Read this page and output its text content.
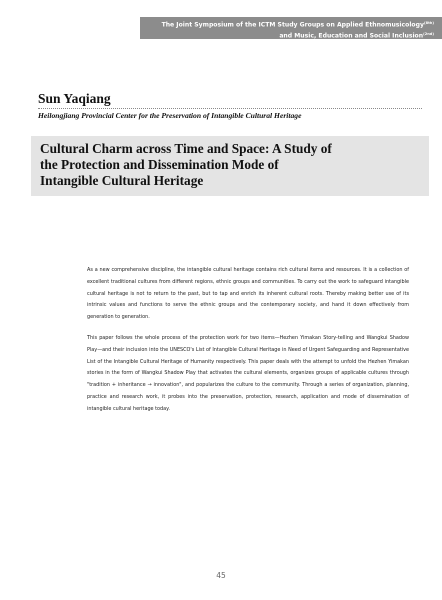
The Joint Symposium of the ICTM Study Groups on Applied Ethnomusicology$^{(8th)}$
and Music, Education and Social Inclusion$^{(2nd)}$
Sun Yaqiang

Heilongjiang Provincial Center for the Preservation of Intangible Cultural Heritage

Cultural Charm across Time and Space: A Study of the Protection and Dissemination Mode of Intangible Cultural Heritage

As a new comprehensive discipline, the intangible cultural heritage contains rich cultural items and resources. It is a collection of excellent traditional cultures from different regions, ethnic groups and communities. To carry out the work to safeguard intangible cultural heritage is not to return to the past, but to tap and enrich its inherent cultural roots. Thereby making better use of its intrinsic values and functions to serve the ethnic groups and the contemporary society, and hand it down effectively from generation to generation.

This paper follows the whole process of the protection work for two items—Hezhen Yimakan Story-telling and Wangkui Shadow Play—and their inclusion into the UNESCO's List of Intangible Cultural Heritage in Need of Urgent Safeguarding and Representative List of the Intangible Cultural Heritage of Humanity respectively. This paper deals with the attempt to unfold the Hezhen Yimakan stories in the form of Wangkui Shadow Play that activates the cultural elements, organizes groups of applicable cultures through "tradition + inheritance → innovation", and popularizes the culture to the community. Through a series of organization, planning, practice and research work, it probes into the preservation, protection, research, application and mode of dissemination of intangible cultural heritage today.

45
